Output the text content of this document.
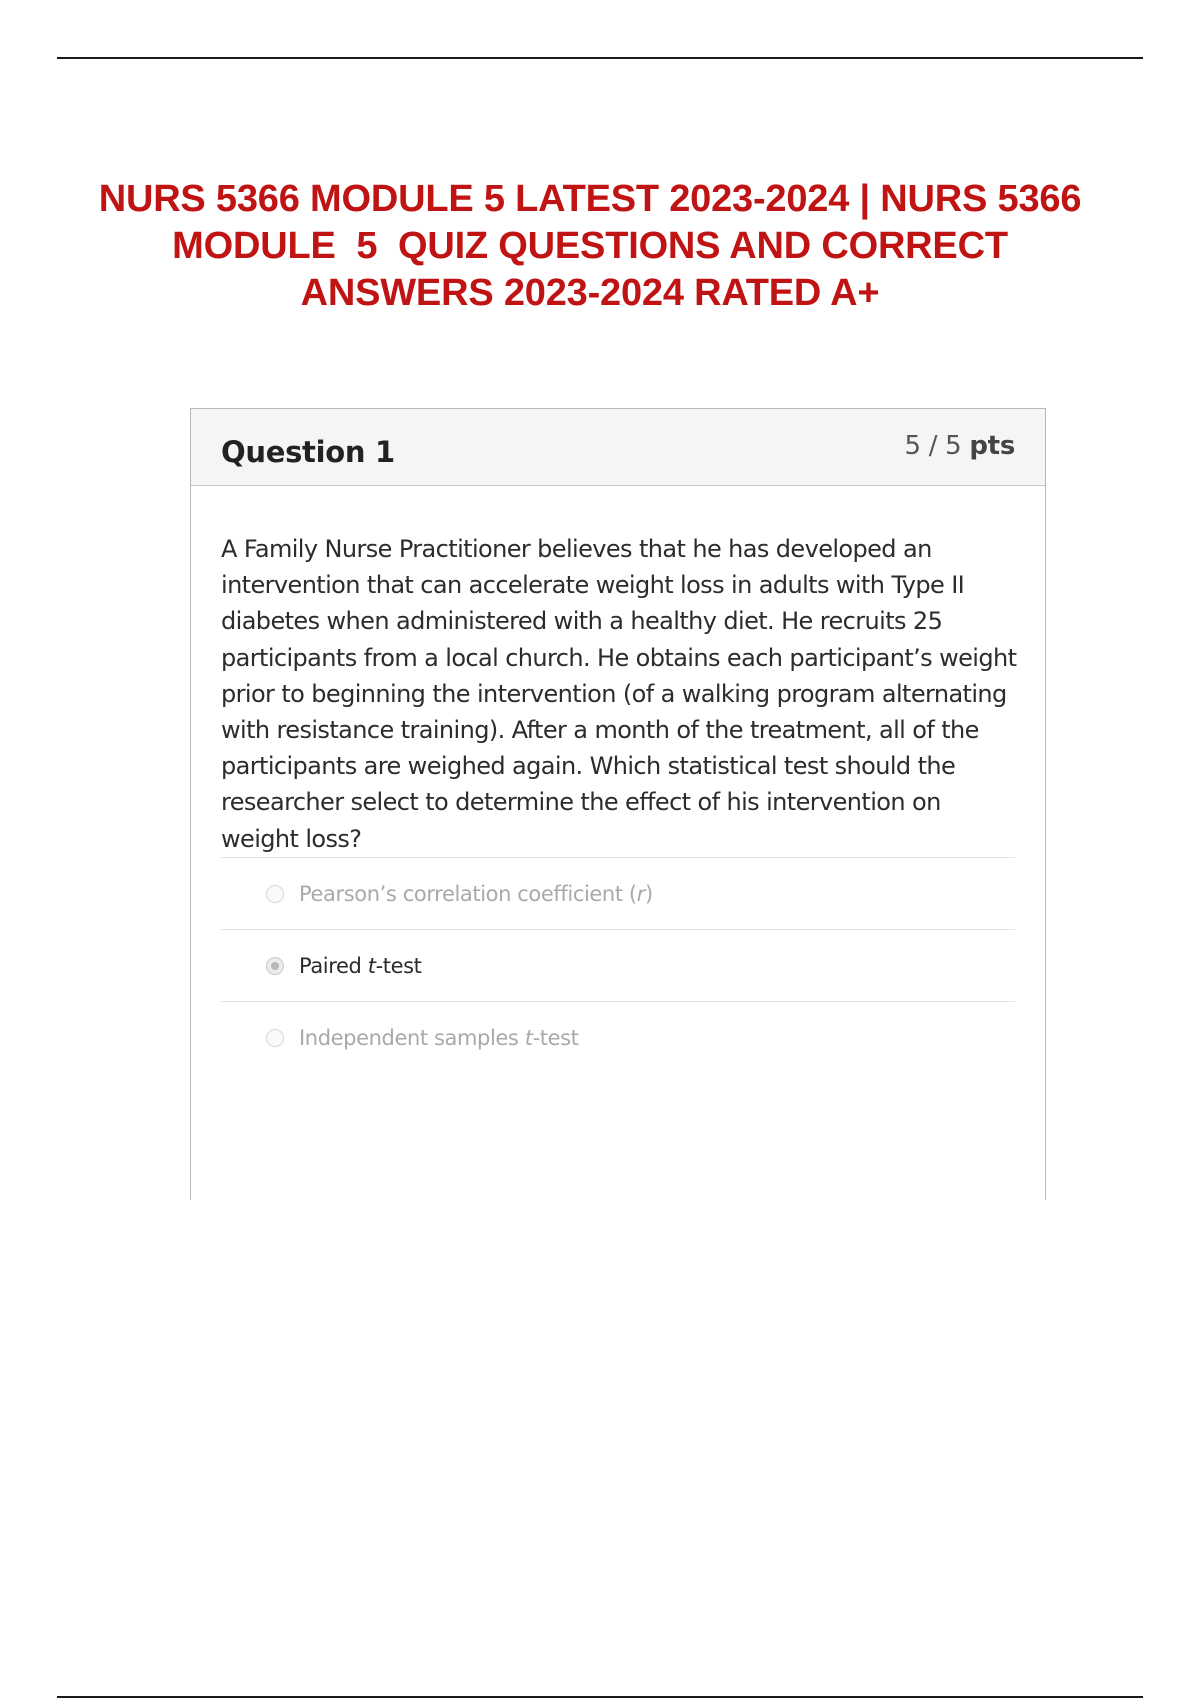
NURS 5366 MODULE 5 LATEST 2023-2024 | NURS 5366
MODULE  5  QUIZ QUESTIONS AND CORRECT
ANSWERS 2023-2024 RATED A+
Question 1	5 / 5 pts

A Family Nurse Practitioner believes that he has developed an intervention that can accelerate weight loss in adults with Type II diabetes when administered with a healthy diet. He recruits 25 participants from a local church. He obtains each participant’s weight prior to beginning the intervention (of a walking program alternating with resistance training). After a month of the treatment, all of the participants are weighed again. Which statistical test should the researcher select to determine the effect of his intervention on weight loss?

Pearson’s correlation coefficient (r)
Paired t-test
Independent samples t-test
